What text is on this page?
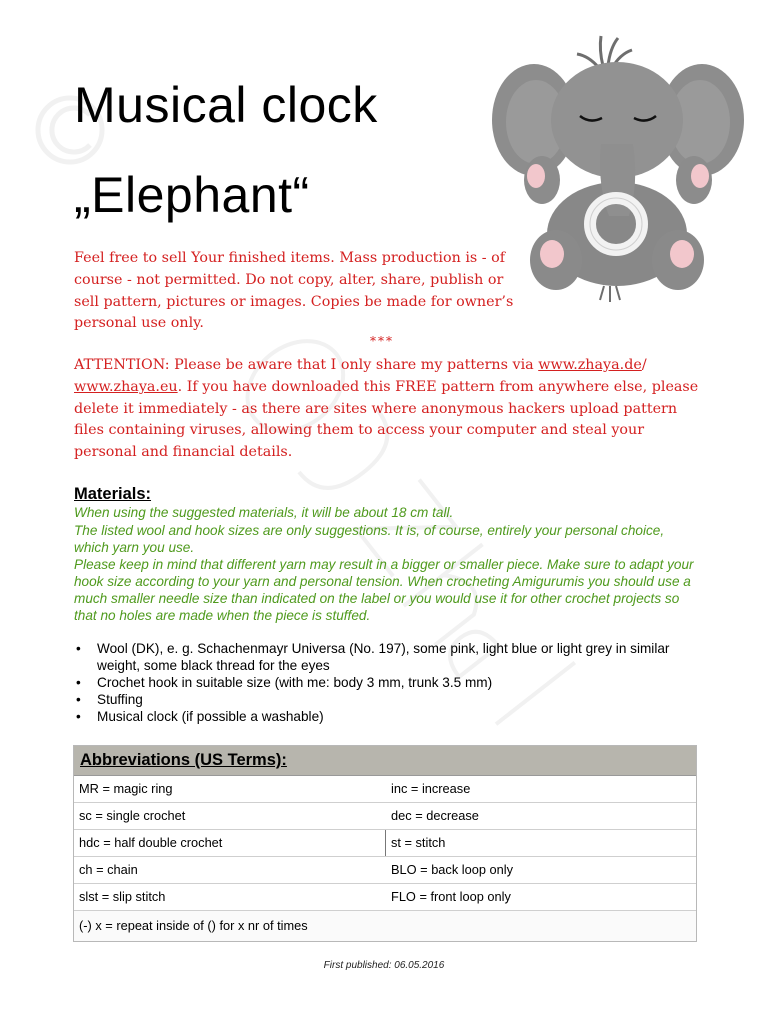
Musical clock
„Elephant“
Feel free to sell Your finished items. Mass production is - of course - not permitted. Do not copy, alter, share, publish or sell pattern, pictures or images. Copies be made for owner’s personal use only.
***
ATTENTION: Please be aware that I only share my patterns via www.zhaya.de/ www.zhaya.eu. If you have downloaded this FREE pattern from anywhere else, please delete it immediately - as there are sites where anonymous hackers upload pattern files containing viruses, allowing them to access your computer and steal your personal and financial details.
Materials:
When using the suggested materials, it will be about 18 cm tall.
The listed wool and hook sizes are only suggestions. It is, of course, entirely your personal choice, which yarn you use.
Please keep in mind that different yarn may result in a bigger or smaller piece. Make sure to adapt your hook size according to your yarn and personal tension. When crocheting Amigurumis you should use a much smaller needle size than indicated on the label or you would use it for other crochet projects so that no holes are made when the piece is stuffed.
• Wool (DK), e. g. Schachenmayr Universa (No. 197), some pink, light blue or light grey in similar weight, some black thread for the eyes
• Crochet hook in suitable size (with me: body 3 mm, trunk 3.5 mm)
• Stuffing
• Musical clock (if possible a washable)
Abbreviations (US Terms):
MR = magic ring	inc = increase
sc = single crochet	dec = decrease
hdc = half double crochet	st = stitch
ch = chain	BLO = back loop only
slst = slip stitch	FLO = front loop only
(-) x = repeat inside of () for x nr of times
First published: 06.05.2016
